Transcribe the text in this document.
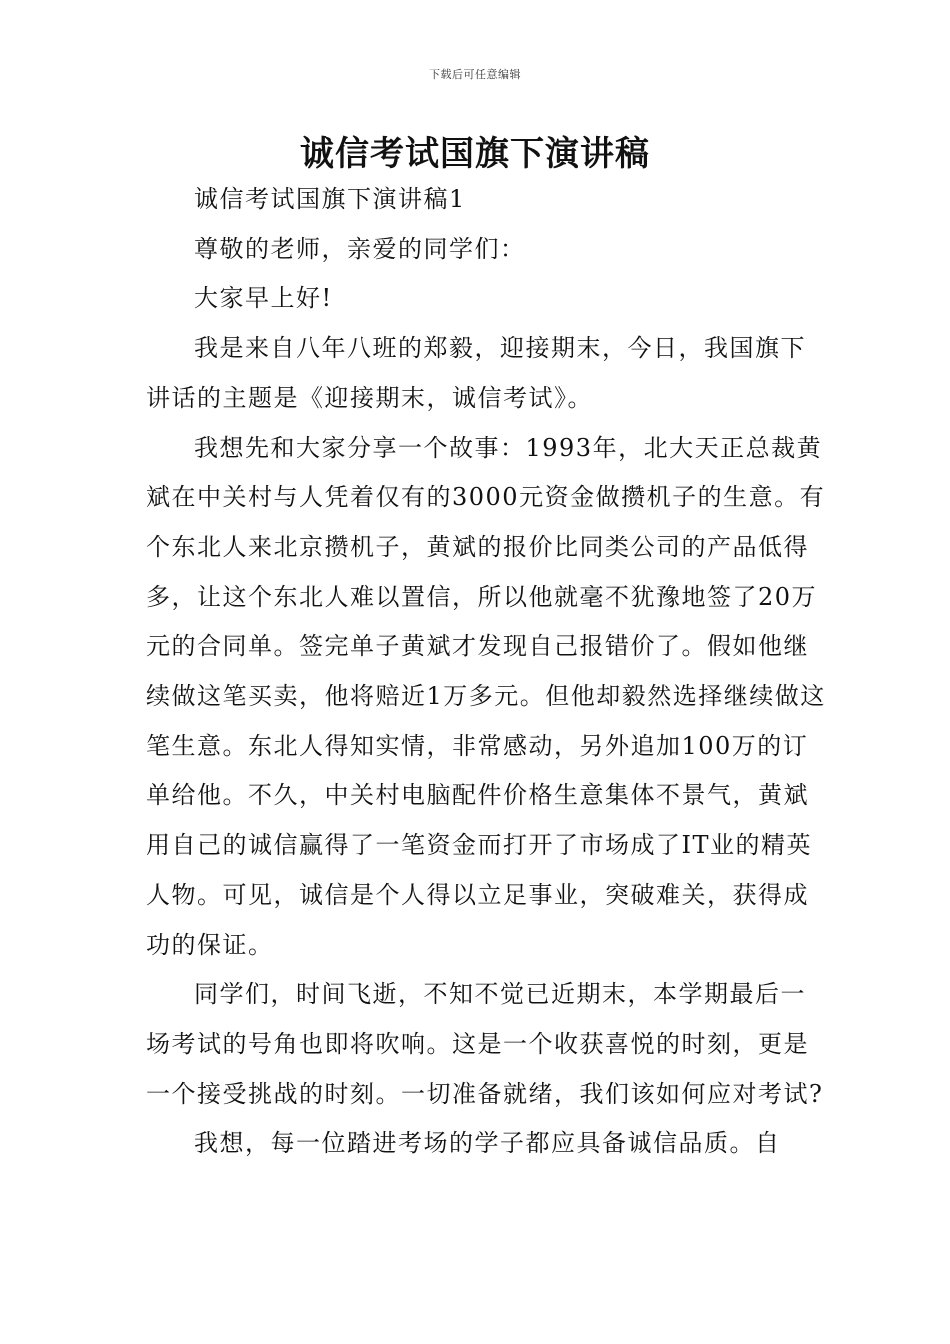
下载后可任意编辑
诚信考试国旗下演讲稿

诚信考试国旗下演讲稿1

尊敬的老师，亲爱的同学们：

大家早上好!

我是来自八年八班的郑毅，迎接期末，今日，我国旗下讲话的主题是《迎接期末，诚信考试》。

我想先和大家分享一个故事：1993年，北大天正总裁黄斌在中关村与人凭着仅有的3000元资金做攒机子的生意。有个东北人来北京攒机子，黄斌的报价比同类公司的产品低得多，让这个东北人难以置信，所以他就毫不犹豫地签了20万元的合同单。签完单子黄斌才发现自己报错价了。假如他继续做这笔买卖，他将赔近1万多元。但他却毅然选择继续做这笔生意。东北人得知实情，非常感动，另外追加100万的订单给他。不久，中关村电脑配件价格生意集体不景气，黄斌用自己的诚信赢得了一笔资金而打开了市场成了IT业的精英人物。可见，诚信是个人得以立足事业，突破难关，获得成功的保证。

同学们，时间飞逝，不知不觉已近期末，本学期最后一场考试的号角也即将吹响。这是一个收获喜悦的时刻，更是一个接受挑战的时刻。一切准备就绪，我们该如何应对考试?

我想，每一位踏进考场的学子都应具备诚信品质。自
